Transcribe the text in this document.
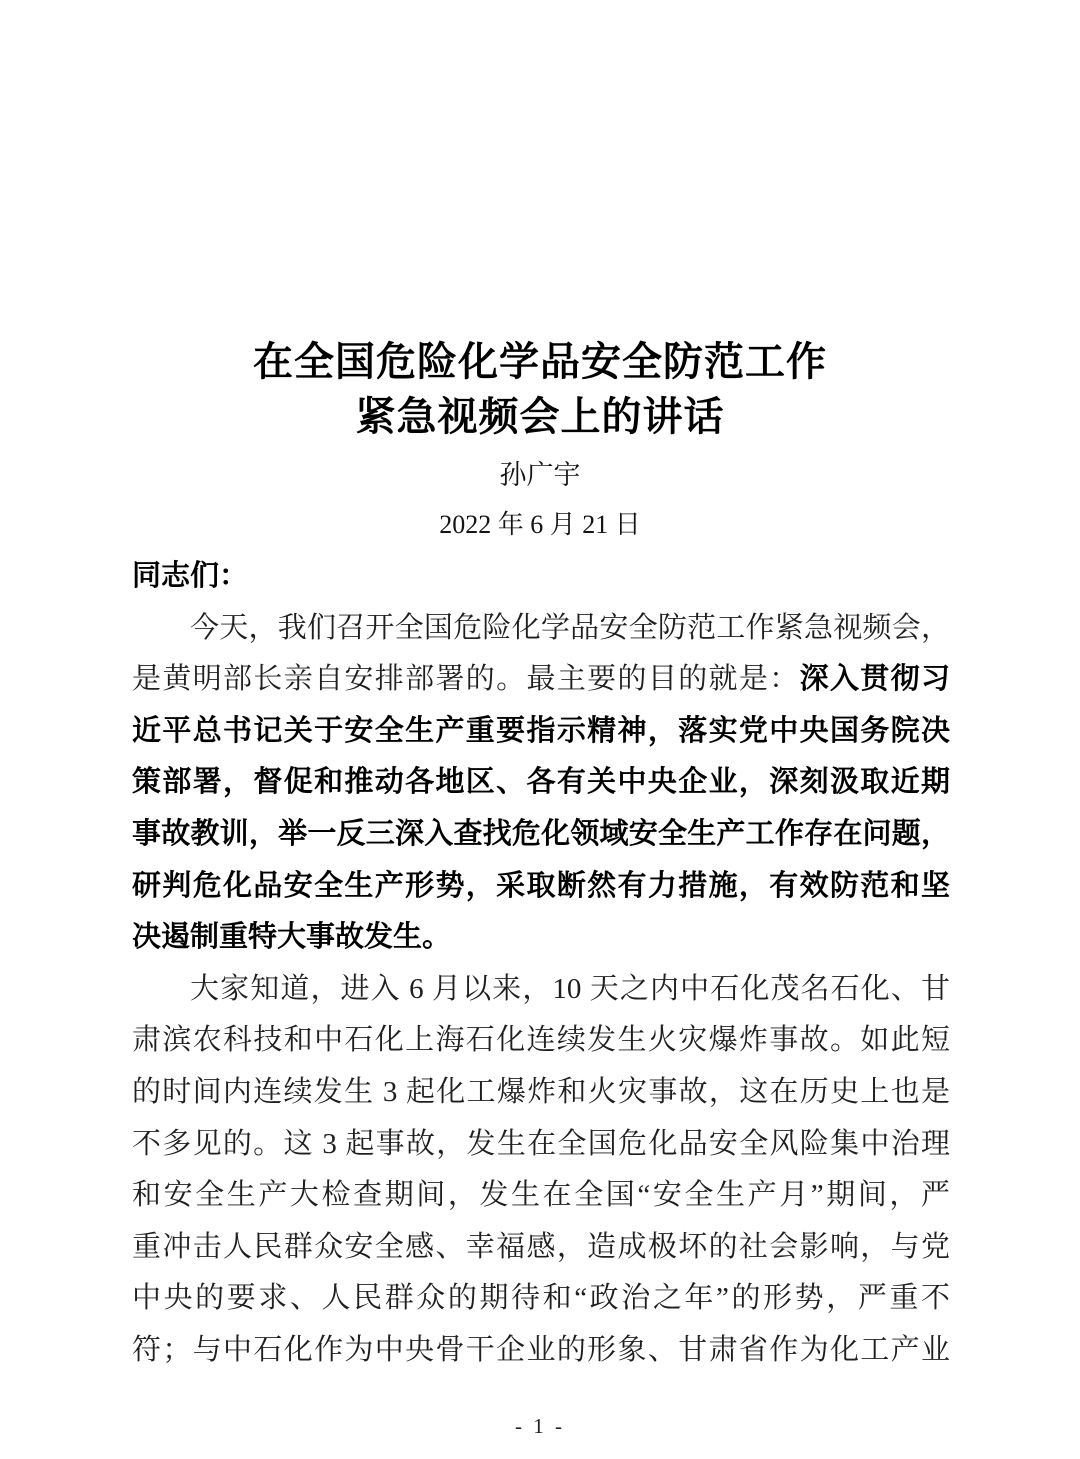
在全国危险化学品安全防范工作
紧急视频会上的讲话
孙广宇
2022 年 6 月 21 日
同志们：
今天，我们召开全国危险化学品安全防范工作紧急视频会，
是黄明部长亲自安排部署的。最主要的目的就是：深入贯彻习
近平总书记关于安全生产重要指示精神，落实党中央国务院决
策部署，督促和推动各地区、各有关中央企业，深刻汲取近期
事故教训，举一反三深入查找危化领域安全生产工作存在问题，
研判危化品安全生产形势，采取断然有力措施，有效防范和坚
决遏制重特大事故发生。
大家知道，进入 6 月以来，10 天之内中石化茂名石化、甘
肃滨农科技和中石化上海石化连续发生火灾爆炸事故。如此短
的时间内连续发生 3 起化工爆炸和火灾事故，这在历史上也是
不多见的。这 3 起事故，发生在全国危化品安全风险集中治理
和安全生产大检查期间，发生在全国“安全生产月”期间，严
重冲击人民群众安全感、幸福感，造成极坏的社会影响，与党
中央的要求、人民群众的期待和“政治之年”的形势，严重不
符；与中石化作为中央骨干企业的形象、甘肃省作为化工产业
- 1 -
